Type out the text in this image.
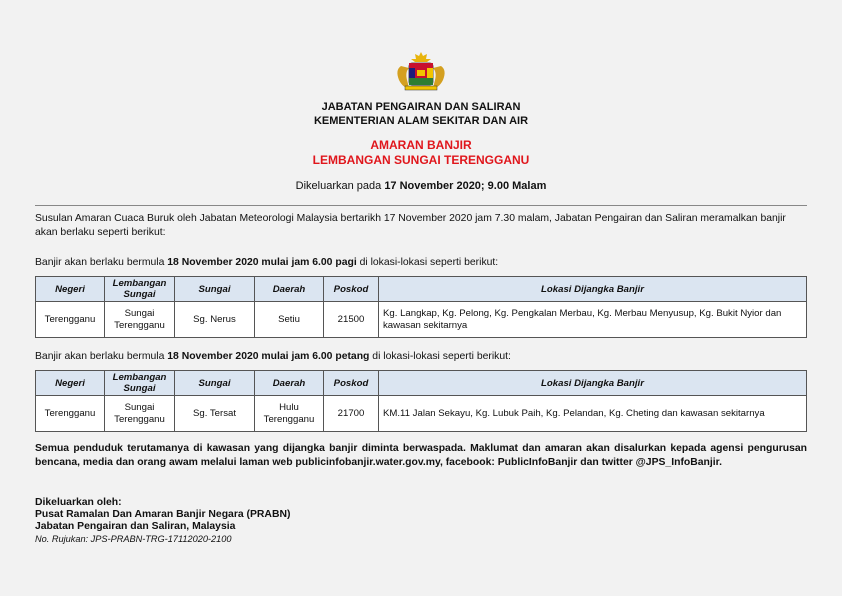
JABATAN PENGAIRAN DAN SALIRAN
KEMENTERIAN ALAM SEKITAR DAN AIR
AMARAN BANJIR
LEMBANGAN SUNGAI TERENGGANU
Dikeluarkan pada 17 November 2020; 9.00 Malam
Susulan Amaran Cuaca Buruk oleh Jabatan Meteorologi Malaysia bertarikh 17 November 2020 jam 7.30 malam, Jabatan Pengairan dan Saliran meramalkan banjir akan berlaku seperti berikut:
Banjir akan berlaku bermula 18 November 2020 mulai jam 6.00 pagi di lokasi-lokasi seperti berikut:
Negeri	Lembangan Sungai	Sungai	Daerah	Poskod	Lokasi Dijangka Banjir
Terengganu	Sungai Terengganu	Sg. Nerus	Setiu	21500	Kg. Langkap, Kg. Pelong, Kg. Pengkalan Merbau, Kg. Merbau Menyusup, Kg. Bukit Nyior dan kawasan sekitarnya
Banjir akan berlaku bermula 18 November 2020 mulai jam 6.00 petang di lokasi-lokasi seperti berikut:
Negeri	Lembangan Sungai	Sungai	Daerah	Poskod	Lokasi Dijangka Banjir
Terengganu	Sungai Terengganu	Sg. Tersat	Hulu Terengganu	21700	KM.11 Jalan Sekayu, Kg. Lubuk Paih, Kg. Pelandan, Kg. Cheting dan kawasan sekitarnya
Semua penduduk terutamanya di kawasan yang dijangka banjir diminta berwaspada. Maklumat dan amaran akan disalurkan kepada agensi pengurusan bencana, media dan orang awam melalui laman web publicinfobanjir.water.gov.my, facebook: PublicInfoBanjir dan twitter @JPS_InfoBanjir.
Dikeluarkan oleh:
Pusat Ramalan Dan Amaran Banjir Negara (PRABN)
Jabatan Pengairan dan Saliran, Malaysia
No. Rujukan: JPS-PRABN-TRG-17112020-2100
